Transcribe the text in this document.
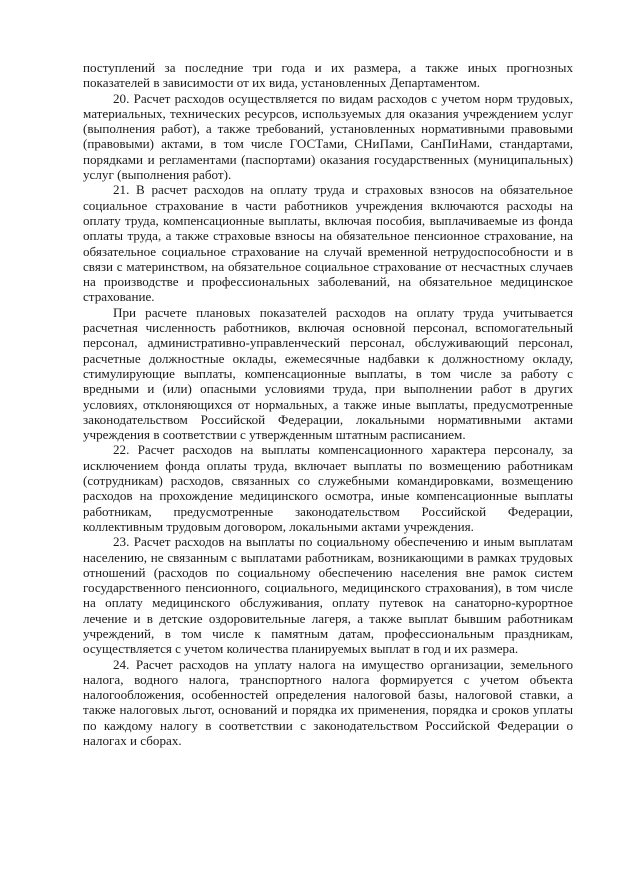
поступлений за последние три года и их размера, а также иных прогнозных показателей в зависимости от их вида, установленных Департаментом.

20. Расчет расходов осуществляется по видам расходов с учетом норм трудовых, материальных, технических ресурсов, используемых для оказания учреждением услуг (выполнения работ), а также требований, установленных нормативными правовыми (правовыми) актами, в том числе ГОСТами, СНиПами, СанПиНами, стандартами, порядками и регламентами (паспортами) оказания государственных (муниципальных) услуг (выполнения работ).

21. В расчет расходов на оплату труда и страховых взносов на обязательное социальное страхование в части работников учреждения включаются расходы на оплату труда, компенсационные выплаты, включая пособия, выплачиваемые из фонда оплаты труда, а также страховые взносы на обязательное пенсионное страхование, на обязательное социальное страхование на случай временной нетрудоспособности и в связи с материнством, на обязательное социальное страхование от несчастных случаев на производстве и профессиональных заболеваний, на обязательное медицинское страхование.

При расчете плановых показателей расходов на оплату труда учитывается расчетная численность работников, включая основной персонал, вспомогательный персонал, административно-управленческий персонал, обслуживающий персонал, расчетные должностные оклады, ежемесячные надбавки к должностному окладу, стимулирующие выплаты, компенсационные выплаты, в том числе за работу с вредными и (или) опасными условиями труда, при выполнении работ в других условиях, отклоняющихся от нормальных, а также иные выплаты, предусмотренные законодательством Российской Федерации, локальными нормативными актами учреждения в соответствии с утвержденным штатным расписанием.

22. Расчет расходов на выплаты компенсационного характера персоналу, за исключением фонда оплаты труда, включает выплаты по возмещению работникам (сотрудникам) расходов, связанных со служебными командировками, возмещению расходов на прохождение медицинского осмотра, иные компенсационные выплаты работникам, предусмотренные законодательством Российской Федерации, коллективным трудовым договором, локальными актами учреждения.

23. Расчет расходов на выплаты по социальному обеспечению и иным выплатам населению, не связанным с выплатами работникам, возникающими в рамках трудовых отношений (расходов по социальному обеспечению населения вне рамок систем государственного пенсионного, социального, медицинского страхования), в том числе на оплату медицинского обслуживания, оплату путевок на санаторно-курортное лечение и в детские оздоровительные лагеря, а также выплат бывшим работникам учреждений, в том числе к памятным датам, профессиональным праздникам, осуществляется с учетом количества планируемых выплат в год и их размера.

24. Расчет расходов на уплату налога на имущество организации, земельного налога, водного налога, транспортного налога формируется с учетом объекта налогообложения, особенностей определения налоговой базы, налоговой ставки, а также налоговых льгот, оснований и порядка их применения, порядка и сроков уплаты по каждому налогу в соответствии с законодательством Российской Федерации о налогах и сборах.
